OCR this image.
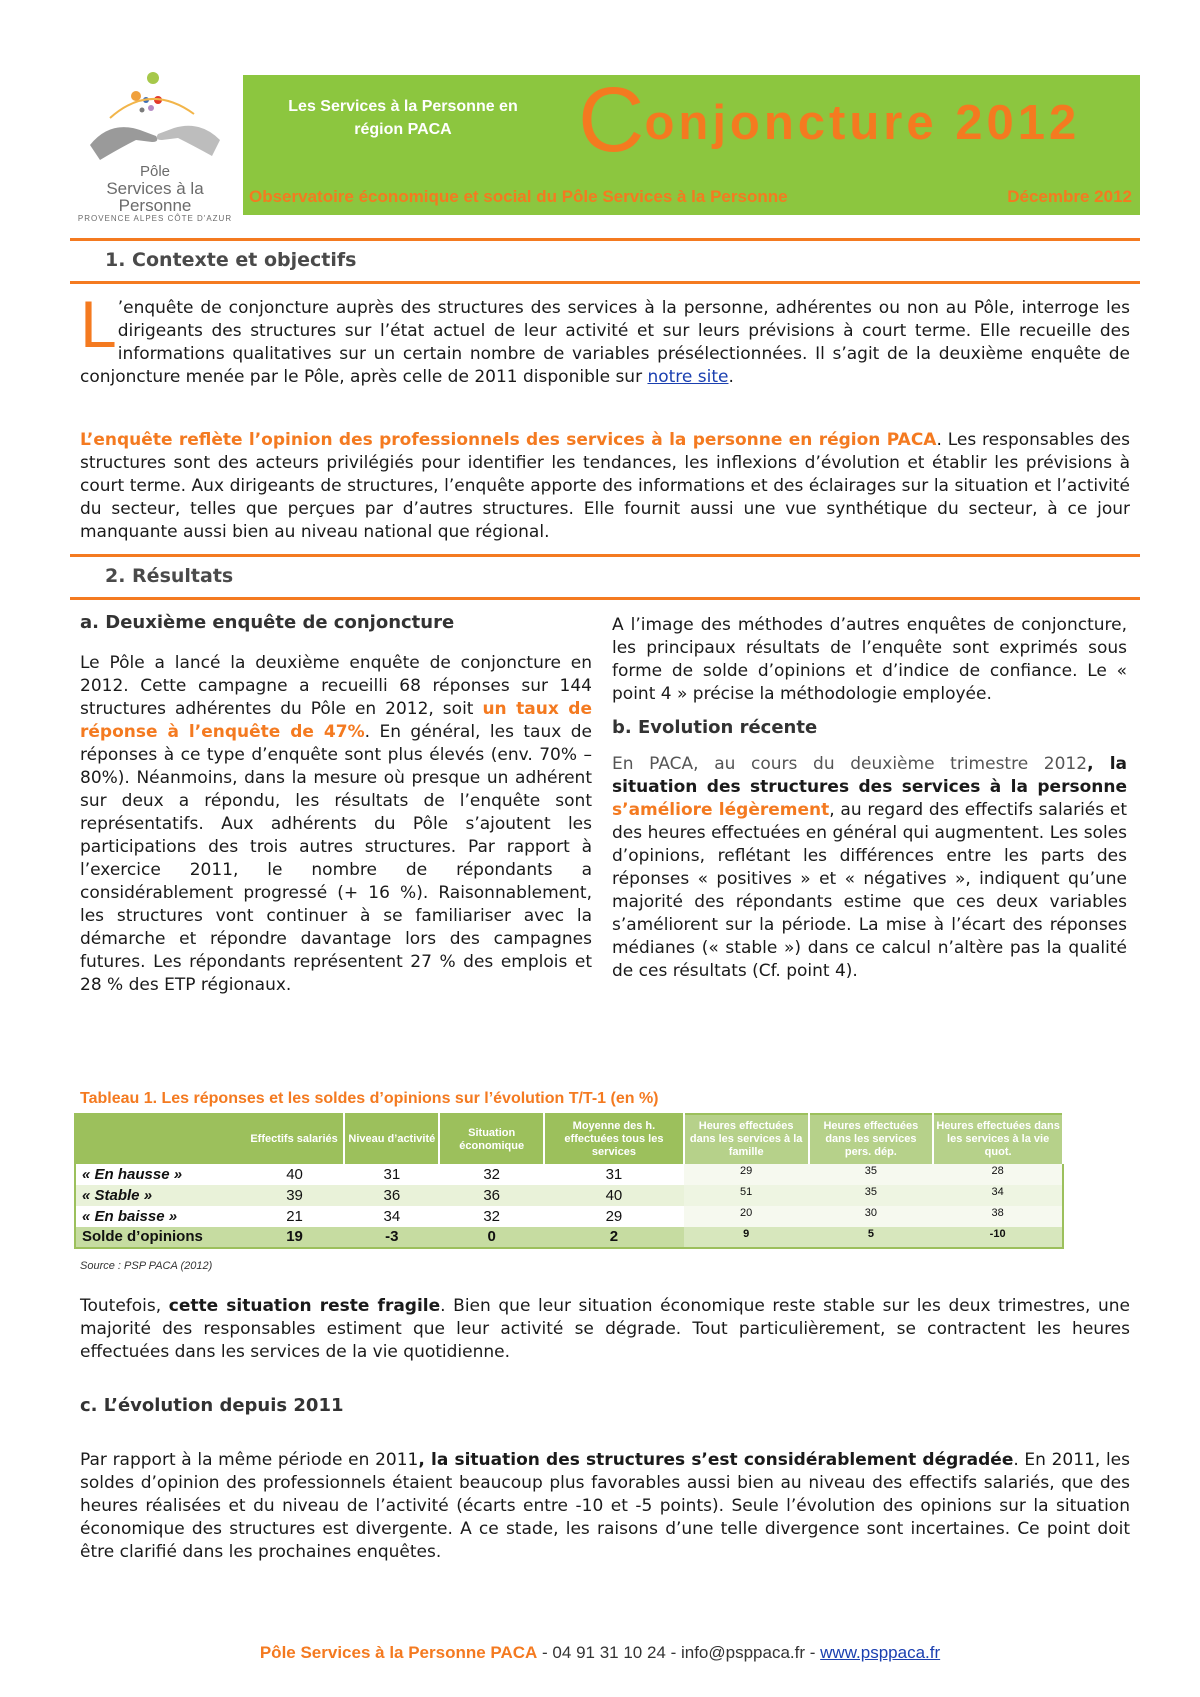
Pôle
Services à la Personne
PROVENCE ALPES CÔTE D'AZUR
Les Services à la Personne en
région PACA	Conjoncture 2012
Observatoire économique et social du Pôle Services à la Personne	Décembre 2012
1. Contexte et objectifs
L ’enquête de conjoncture auprès des structures des services à la personne, adhérentes ou non au Pôle, interroge les dirigeants des structures sur l’état actuel de leur activité et sur leurs prévisions à court terme. Elle recueille des informations qualitatives sur un certain nombre de variables présélectionnées. Il s’agit de la deuxième enquête de conjoncture menée par le Pôle, après celle de 2011 disponible sur notre site.
L’enquête reflète l’opinion des professionnels des services à la personne en région PACA. Les responsables des structures sont des acteurs privilégiés pour identifier les tendances, les inflexions d’évolution et établir les prévisions à court terme. Aux dirigeants de structures, l’enquête apporte des informations et des éclairages sur la situation et l’activité du secteur, telles que perçues par d’autres structures. Elle fournit aussi une vue synthétique du secteur, à ce jour manquante aussi bien au niveau national que régional.
2. Résultats
a. Deuxième enquête de conjoncture
Le Pôle a lancé la deuxième enquête de conjoncture en 2012. Cette campagne a recueilli 68 réponses sur 144 structures adhérentes du Pôle en 2012, soit un taux de réponse à l’enquête de 47%. En général, les taux de réponses à ce type d’enquête sont plus élevés (env. 70% – 80%). Néanmoins, dans la mesure où presque un adhérent sur deux a répondu, les résultats de l’enquête sont représentatifs. Aux adhérents du Pôle s’ajoutent les participations des trois autres structures. Par rapport à l’exercice 2011, le nombre de répondants a considérablement progressé (+ 16 %). Raisonnablement, les structures vont continuer à se familiariser avec la démarche et répondre davantage lors des campagnes futures. Les répondants représentent 27 % des emplois et 28 % des ETP régionaux.
A l’image des méthodes d’autres enquêtes de conjoncture, les principaux résultats de l’enquête sont exprimés sous forme de solde d’opinions et d’indice de confiance. Le « point 4 » précise la méthodologie employée.
b. Evolution récente
En PACA, au cours du deuxième trimestre 2012, la situation des structures des services à la personne s’améliore légèrement, au regard des effectifs salariés et des heures effectuées en général qui augmentent. Les soles d’opinions, reflétant les différences entre les parts des réponses « positives » et « négatives », indiquent qu’une majorité des répondants estime que ces deux variables s’améliorent sur la période. La mise à l’écart des réponses médianes (« stable ») dans ce calcul n’altère pas la qualité de ces résultats (Cf. point 4).
Tableau 1. Les réponses et les soldes d’opinions sur l’évolution T/T-1 (en %)
	Effectifs salariés	Niveau d’activité	Situation économique	Moyenne des h. effectuées tous les services	Heures effectuées dans les services à la famille	Heures effectuées dans les services pers. dép.	Heures effectuées dans les services à la vie quot.
« En hausse »	40	31	32	31	29	35	28
« Stable »	39	36	36	40	51	35	34
« En baisse »	21	34	32	29	20	30	38
Solde d’opinions	19	-3	0	2	9	5	-10
Source : PSP PACA (2012)
Toutefois, cette situation reste fragile. Bien que leur situation économique reste stable sur les deux trimestres, une majorité des responsables estiment que leur activité se dégrade. Tout particulièrement, se contractent les heures effectuées dans les services de la vie quotidienne.
c. L’évolution depuis 2011
Par rapport à la même période en 2011, la situation des structures s’est considérablement dégradée. En 2011, les soldes d’opinion des professionnels étaient beaucoup plus favorables aussi bien au niveau des effectifs salariés, que des heures réalisées et du niveau de l’activité (écarts entre -10 et -5 points). Seule l’évolution des opinions sur la situation économique des structures est divergente. A ce stade, les raisons d’une telle divergence sont incertaines. Ce point doit être clarifié dans les prochaines enquêtes.
Pôle Services à la Personne PACA - 04 91 31 10 24 - info@psppaca.fr - www.psppaca.fr
